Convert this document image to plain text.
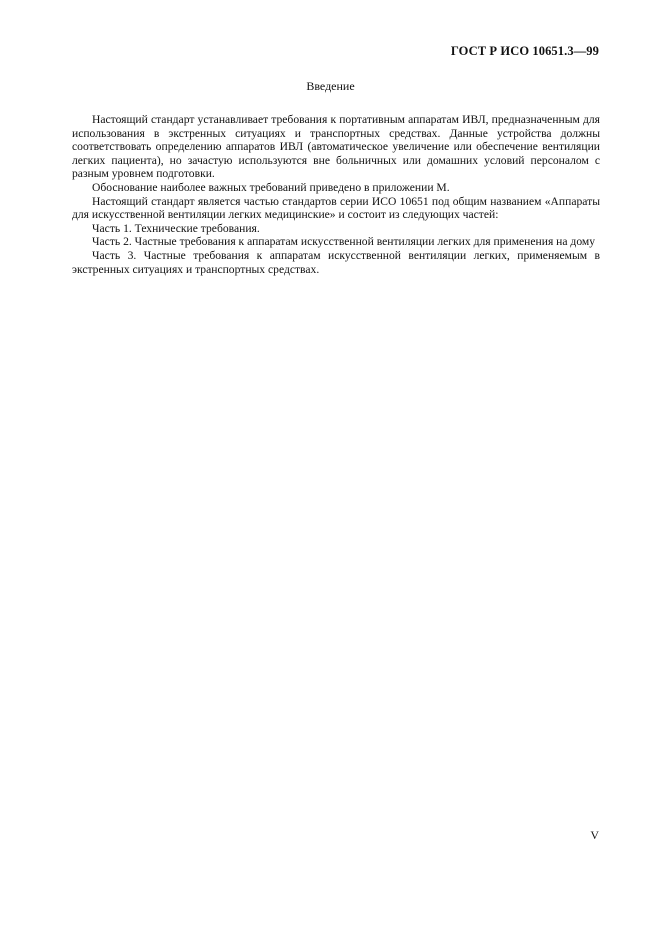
ГОСТ Р ИСО 10651.3—99
Введение

Настоящий стандарт устанавливает требования к портативным аппаратам ИВЛ, предназначенным для использования в экстренных ситуациях и транспортных средствах. Данные устройства должны соответствовать определению аппаратов ИВЛ (автоматическое увеличение или обеспечение вентиляции легких пациента), но зачастую используются вне больничных или домашних условий персоналом с разным уровнем подготовки.

Обоснование наиболее важных требований приведено в приложении М.

Настоящий стандарт является частью стандартов серии ИСО 10651 под общим названием «Аппараты для искусственной вентиляции легких медицинские» и состоит из следующих частей:

Часть 1. Технические требования.

Часть 2. Частные требования к аппаратам искусственной вентиляции легких для применения на дому

Часть 3. Частные требования к аппаратам искусственной вентиляции легких, применяемым в экстренных ситуациях и транспортных средствах.

V
